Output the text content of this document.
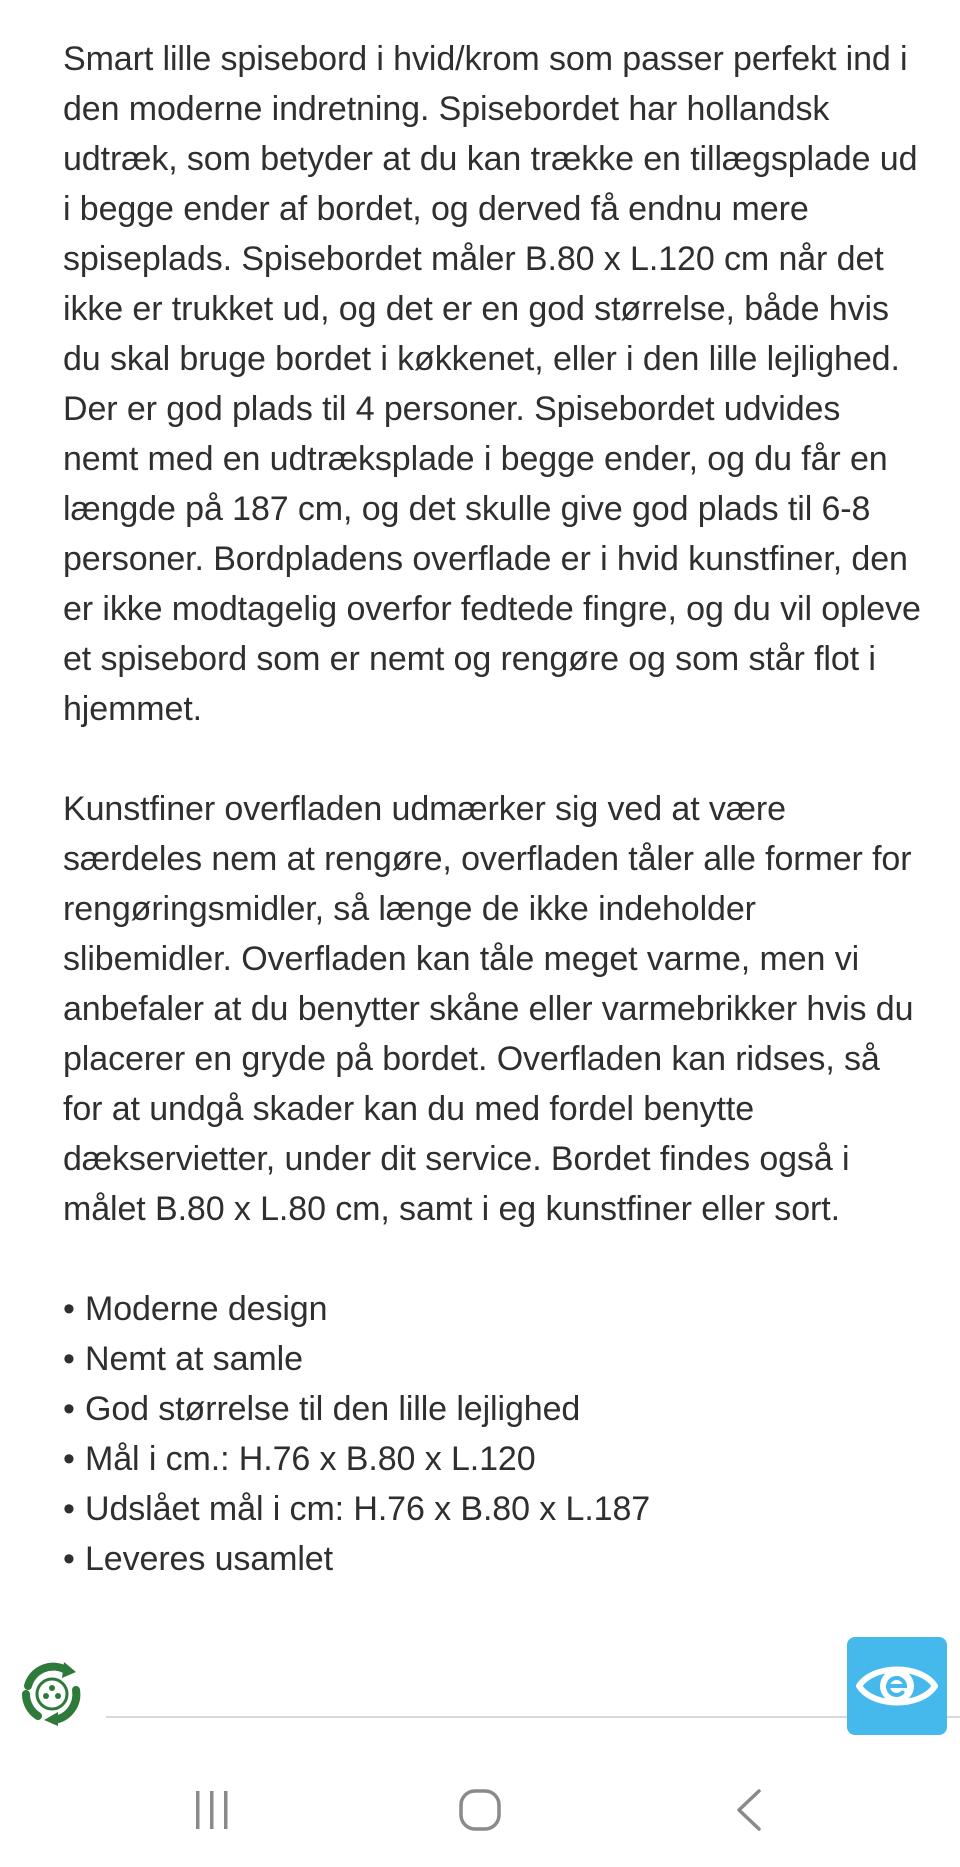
Smart lille spisebord i hvid/krom som passer perfekt ind i den moderne indretning. Spisebordet har hollandsk udtræk, som betyder at du kan trække en tillægsplade ud i begge ender af bordet, og derved få endnu mere spiseplads. Spisebordet måler B.80 x L.120 cm når det ikke er trukket ud, og det er en god størrelse, både hvis du skal bruge bordet i køkkenet, eller i den lille lejlighed. Der er god plads til 4 personer. Spisebordet udvides nemt med en udtræksplade i begge ender, og du får en længde på 187 cm, og det skulle give god plads til 6-8 personer. Bordpladens overflade er i hvid kunstfiner, den er ikke modtagelig overfor fedtede fingre, og du vil opleve et spisebord som er nemt og rengøre og som står flot i hjemmet.

Kunstfiner overfladen udmærker sig ved at være særdeles nem at rengøre, overfladen tåler alle former for rengøringsmidler, så længe de ikke indeholder slibemidler. Overfladen kan tåle meget varme, men vi anbefaler at du benytter skåne eller varmebrikker hvis du placerer en gryde på bordet. Overfladen kan ridses, så for at undgå skader kan du med fordel benytte dækservietter, under dit service. Bordet findes også i målet B.80 x L.80 cm, samt i eg kunstfiner eller sort.

• Moderne design
• Nemt at samle
• God størrelse til den lille lejlighed
• Mål i cm.: H.76 x B.80 x L.120
• Udslået mål i cm: H.76 x B.80 x L.187
• Leveres usamlet
